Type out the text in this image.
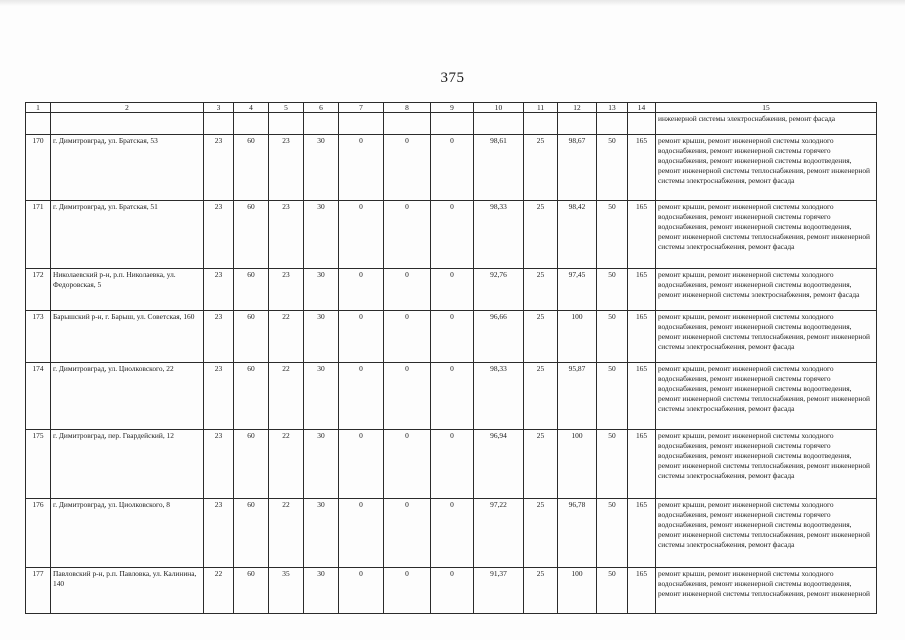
375
1	2	3	4	5	6	7	8	9	10	11	12	13	14	15
														инженерной системы электроснабжения, ремонт фасада
170	г. Димитровград, ул. Братская, 53	23	60	23	30	0	0	0	98,61	25	98,67	50	165	ремонт крыши, ремонт инженерной системы холодного водоснабжения, ремонт инженерной системы горячего водоснабжения, ремонт инженерной системы водоотведения, ремонт инженерной системы теплоснабжения, ремонт инженерной системы электроснабжения, ремонт фасада
171	г. Димитровград, ул. Братская, 51	23	60	23	30	0	0	0	98,33	25	98,42	50	165	ремонт крыши, ремонт инженерной системы холодного водоснабжения, ремонт инженерной системы горячего водоснабжения, ремонт инженерной системы водоотведения, ремонт инженерной системы теплоснабжения, ремонт инженерной системы электроснабжения, ремонт фасада
172	Николаевский р-н, р.п. Николаевка, ул. Федоровская, 5	23	60	23	30	0	0	0	92,76	25	97,45	50	165	ремонт крыши, ремонт инженерной системы холодного водоснабжения, ремонт инженерной системы водоотведения, ремонт инженерной системы электроснабжения, ремонт фасада
173	Барышский р-н, г. Барыш, ул. Советская, 160	23	60	22	30	0	0	0	96,66	25	100	50	165	ремонт крыши, ремонт инженерной системы холодного водоснабжения, ремонт инженерной системы водоотведения, ремонт инженерной системы теплоснабжения, ремонт инженерной системы электроснабжения, ремонт фасада
174	г. Димитровград, ул. Циолковского, 22	23	60	22	30	0	0	0	98,33	25	95,87	50	165	ремонт крыши, ремонт инженерной системы холодного водоснабжения, ремонт инженерной системы горячего водоснабжения, ремонт инженерной системы водоотведения, ремонт инженерной системы теплоснабжения, ремонт инженерной системы электроснабжения, ремонт фасада
175	г. Димитровград, пер. Гвардейский, 12	23	60	22	30	0	0	0	96,94	25	100	50	165	ремонт крыши, ремонт инженерной системы холодного водоснабжения, ремонт инженерной системы горячего водоснабжения, ремонт инженерной системы водоотведения, ремонт инженерной системы теплоснабжения, ремонт инженерной системы электроснабжения, ремонт фасада
176	г. Димитровград, ул. Циолковского, 8	23	60	22	30	0	0	0	97,22	25	96,78	50	165	ремонт крыши, ремонт инженерной системы холодного водоснабжения, ремонт инженерной системы горячего водоснабжения, ремонт инженерной системы водоотведения, ремонт инженерной системы теплоснабжения, ремонт инженерной системы электроснабжения, ремонт фасада
177	Павловский р-н, р.п. Павловка, ул. Калинина, 140	22	60	35	30	0	0	0	91,37	25	100	50	165	ремонт крыши, ремонт инженерной системы холодного водоснабжения, ремонт инженерной системы водоотведения, ремонт инженерной системы теплоснабжения, ремонт инженерной
